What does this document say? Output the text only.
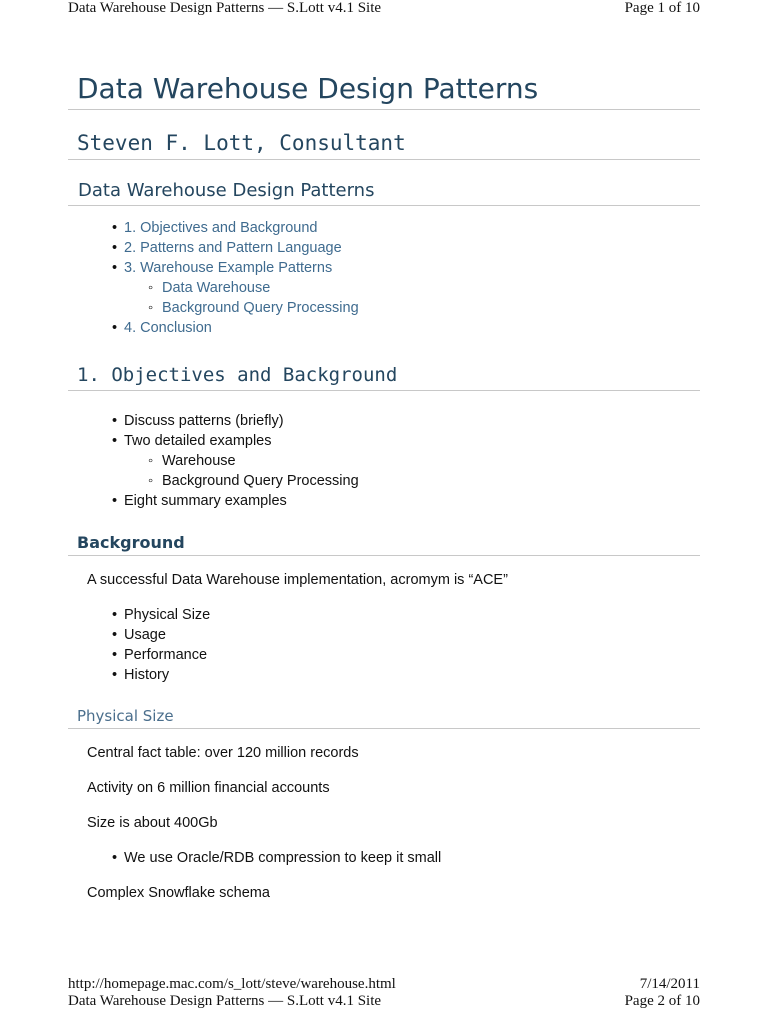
Data Warehouse Design Patterns — S.Lott v4.1 Site	Page 1 of 10
Data Warehouse Design Patterns
Steven F. Lott, Consultant
Data Warehouse Design Patterns
• 1. Objectives and Background
• 2. Patterns and Pattern Language
• 3. Warehouse Example Patterns
◦ Data Warehouse
◦ Background Query Processing
• 4. Conclusion
1. Objectives and Background
• Discuss patterns (briefly)
• Two detailed examples
◦ Warehouse
◦ Background Query Processing
• Eight summary examples
Background

A successful Data Warehouse implementation, acromym is “ACE”

• Physical Size
• Usage
• Performance
• History
Physical Size

Central fact table: over 120 million records

Activity on 6 million financial accounts

Size is about 400Gb

• We use Oracle/RDB compression to keep it small

Complex Snowflake schema

http://homepage.mac.com/s_lott/steve/warehouse.html	7/14/2011
Data Warehouse Design Patterns — S.Lott v4.1 Site	Page 2 of 10
